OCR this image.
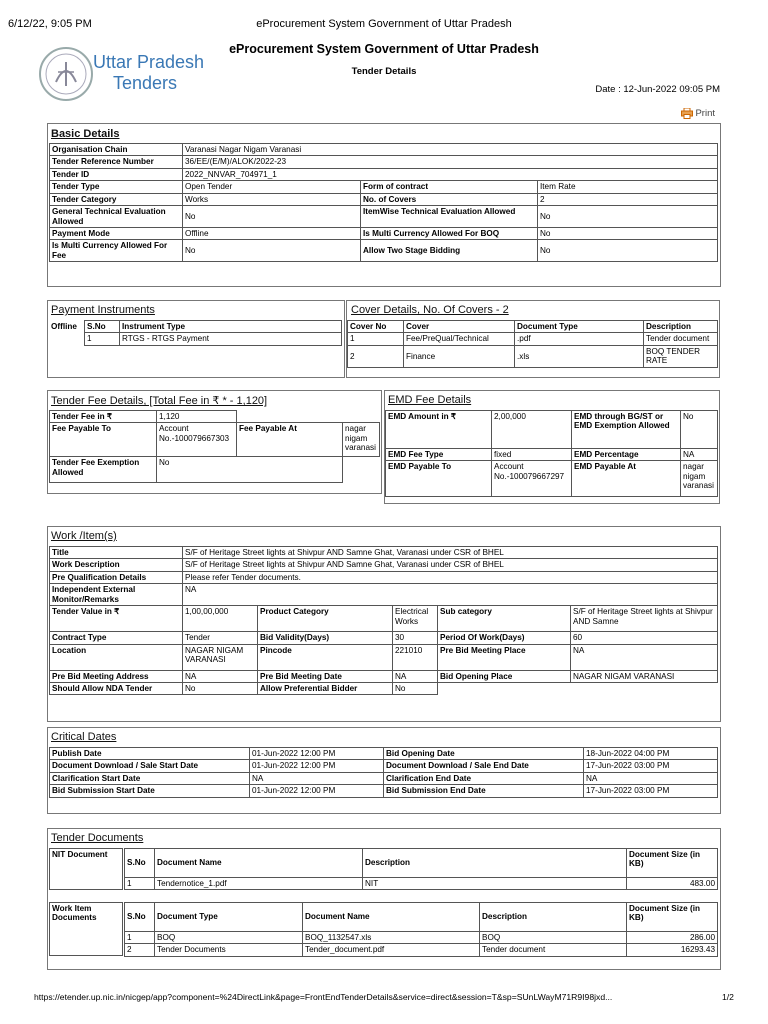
6/12/22, 9:05 PM	eProcurement System Government of Uttar Pradesh
Uttar Pradesh
Tenders
eProcurement System Government of Uttar Pradesh
Tender Details
Date : 12-Jun-2022 09:05 PM
Print
Basic Details
Organisation Chain	Varanasi Nagar Nigam Varanasi		
Tender Reference Number	36/EE/(E/M)/ALOK/2022-23		
Tender ID	2022_NNVAR_704971_1		
Tender Type	Open Tender	Form of contract	Item Rate
Tender Category	Works	No. of Covers	2
General Technical Evaluation Allowed	No	ItemWise Technical Evaluation Allowed	No
Payment Mode	Offline	Is Multi Currency Allowed For BOQ	No
Is Multi Currency Allowed For Fee	No	Allow Two Stage Bidding	No
Payment Instruments
Offline S.No	Instrument Type
1	RTGS - RTGS Payment
Cover Details, No. Of Covers - 2
Cover No	Cover	Document Type	Description
1	Fee/PreQual/Technical	.pdf	Tender document
2	Finance	.xls	BOQ TENDER RATE
Tender Fee Details, [Total Fee in ₹ * - 1,120]
Tender Fee in ₹	1,120		
Fee Payable To	Account No.-100079667303	Fee Payable At	nagar nigam varanasi
Tender Fee Exemption Allowed	No		
EMD Fee Details
EMD Amount in ₹	2,00,000	EMD through BG/ST or EMD Exemption Allowed	No
EMD Fee Type	fixed	EMD Percentage	NA
EMD Payable To	Account No.-100079667297	EMD Payable At	nagar nigam varanasi
Work /Item(s)
Title	S/F of Heritage Street lights at Shivpur AND Samne Ghat, Varanasi under CSR of BHEL				
Work Description	S/F of Heritage Street lights at Shivpur AND Samne Ghat, Varanasi under CSR of BHEL				
Pre Qualification Details	Please refer Tender documents.				
Independent External Monitor/Remarks	NA				
Tender Value in ₹	1,00,00,000	Product Category	Electrical Works	Sub category	S/F of Heritage Street lights at Shivpur AND Samne
Contract Type	Tender	Bid Validity(Days)	30	Period Of Work(Days)	60
Location	NAGAR NIGAM VARANASI	Pincode	221010	Pre Bid Meeting Place	NA
Pre Bid Meeting Address	NA	Pre Bid Meeting Date	NA	Bid Opening Place	NAGAR NIGAM VARANASI
Should Allow NDA Tender	No	Allow Preferential Bidder	No		
Critical Dates
Publish Date	01-Jun-2022 12:00 PM	Bid Opening Date	18-Jun-2022 04:00 PM
Document Download / Sale Start Date	01-Jun-2022 12:00 PM	Document Download / Sale End Date	17-Jun-2022 03:00 PM
Clarification Start Date	NA	Clarification End Date	NA
Bid Submission Start Date	01-Jun-2022 12:00 PM	Bid Submission End Date	17-Jun-2022 03:00 PM
Tender Documents
NIT Document
S.No	Document Name	Description	Document Size (in KB)
1	Tendernotice_1.pdf	NIT	483.00
Work Item Documents	S.No	Document Type	Document Name	Description	Document Size (in KB)
1	BOQ	BOQ_1132547.xls	BOQ	286.00
2	Tender Documents	Tender_document.pdf	Tender document	16293.43
https://etender.up.nic.in/nicgep/app?component=%24DirectLink&page=FrontEndTenderDetails&service=direct&session=T&sp=SUnLWayM71R9I98jxd...	1/2
